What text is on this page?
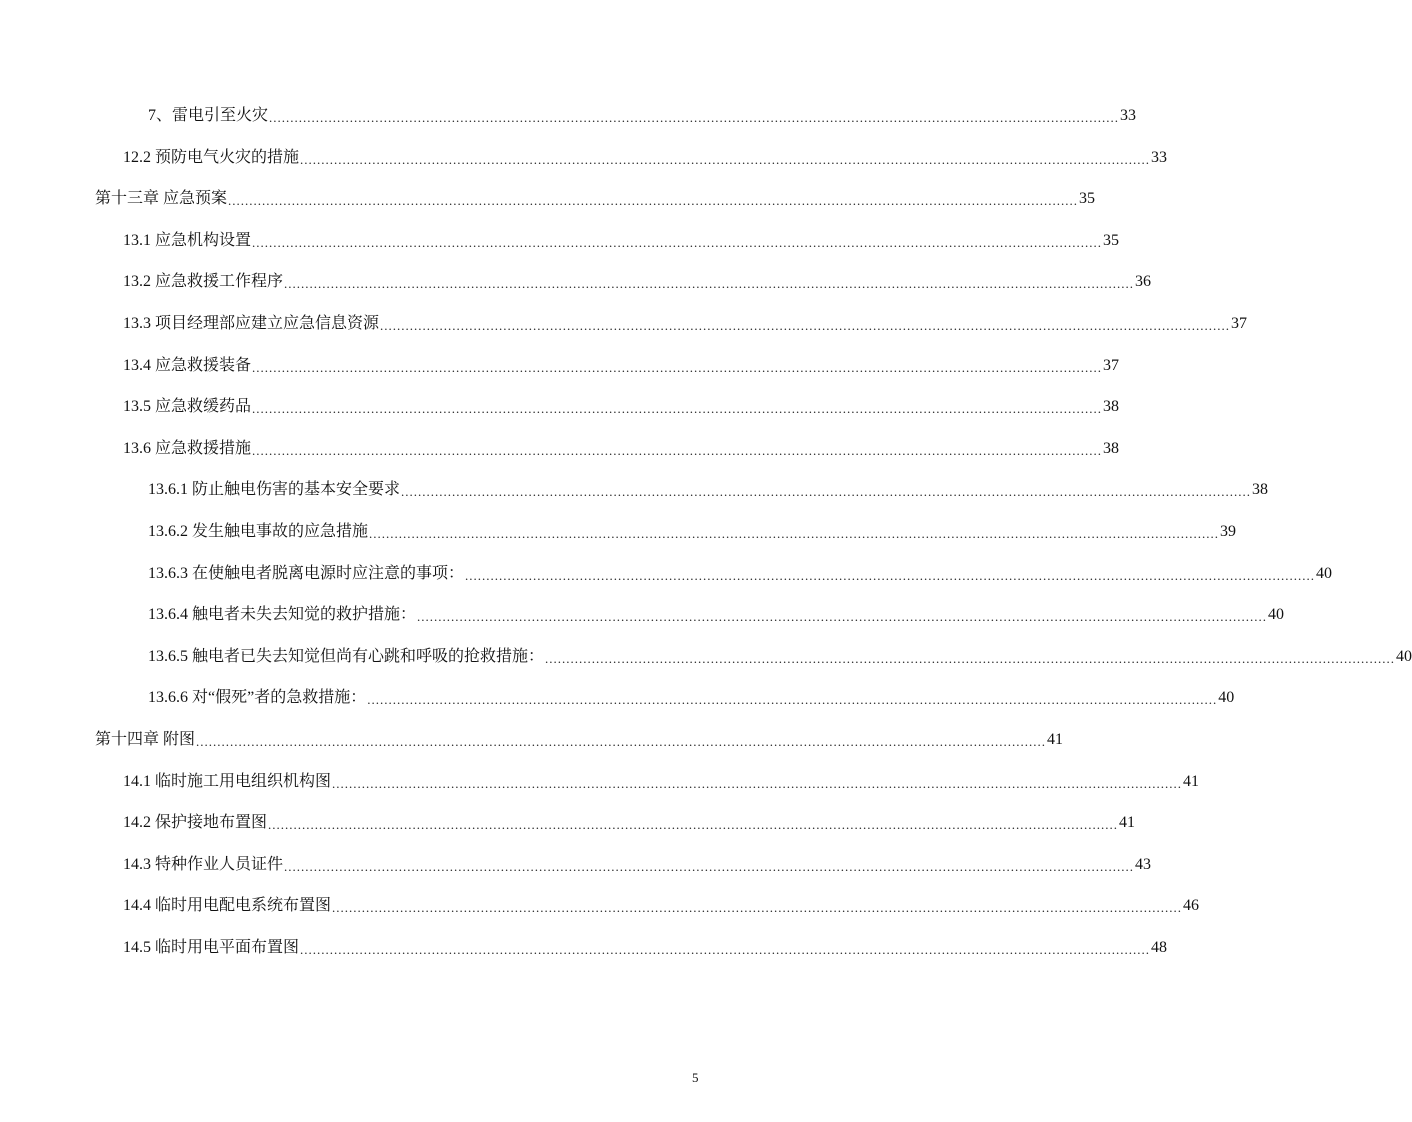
7、雷电引至火灾 ........................................................................................................................................................................................................ 33
12.2 预防电气火灾的措施 ........................................................................................................................................................................................................ 33
第十三章 应急预案 ........................................................................................................................................................................................................ 35
13.1 应急机构设置 ........................................................................................................................................................................................................ 35
13.2 应急救援工作程序 ........................................................................................................................................................................................................ 36
13.3 项目经理部应建立应急信息资源 ........................................................................................................................................................................................................ 37
13.4 应急救援装备 ........................................................................................................................................................................................................ 37
13.5 应急救缓药品 ........................................................................................................................................................................................................ 38
13.6 应急救援措施 ........................................................................................................................................................................................................ 38
13.6.1 防止触电伤害的基本安全要求 ........................................................................................................................................................................................................ 38
13.6.2 发生触电事故的应急措施 ........................................................................................................................................................................................................ 39
13.6.3 在使触电者脱离电源时应注意的事项： ........................................................................................................................................................................................................ 40
13.6.4 触电者未失去知觉的救护措施： ........................................................................................................................................................................................................ 40
13.6.5 触电者已失去知觉但尚有心跳和呼吸的抢救措施： ........................................................................................................................................................................................................ 40
13.6.6 对“假死”者的急救措施： ........................................................................................................................................................................................................ 40
第十四章 附图 ........................................................................................................................................................................................................ 41
14.1 临时施工用电组织机构图 ........................................................................................................................................................................................................ 41
14.2 保护接地布置图 ........................................................................................................................................................................................................ 41
14.3 特种作业人员证件 ........................................................................................................................................................................................................ 43
14.4 临时用电配电系统布置图 ........................................................................................................................................................................................................ 46
14.5 临时用电平面布置图 ........................................................................................................................................................................................................ 48
5
